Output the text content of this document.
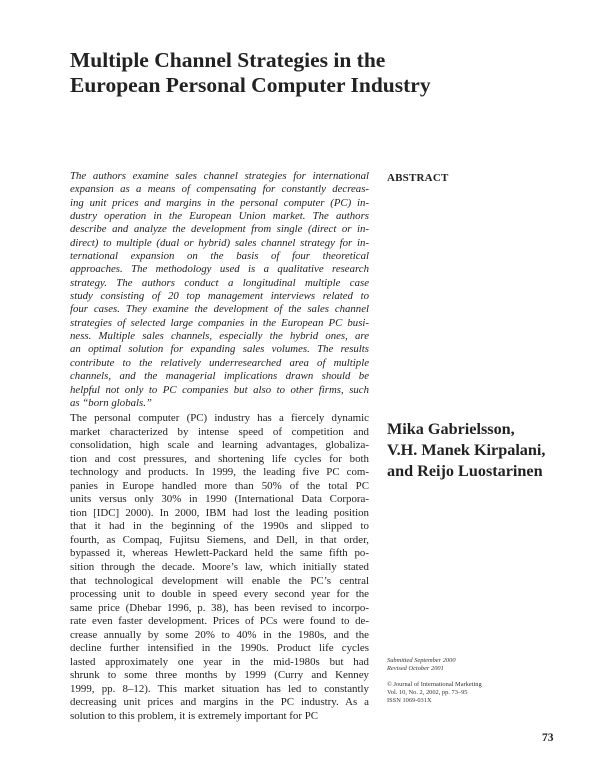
Multiple Channel Strategies in the
European Personal Computer Industry
The authors examine sales channel strategies for international
expansion as a means of compensating for constantly decreas-
ing unit prices and margins in the personal computer (PC) in-
dustry operation in the European Union market. The authors
describe and analyze the development from single (direct or in-
direct) to multiple (dual or hybrid) sales channel strategy for in-
ternational expansion on the basis of four theoretical
approaches. The methodology used is a qualitative research
strategy. The authors conduct a longitudinal multiple case
study consisting of 20 top management interviews related to
four cases. They examine the development of the sales channel
strategies of selected large companies in the European PC busi-
ness. Multiple sales channels, especially the hybrid ones, are
an optimal solution for expanding sales volumes. The results
contribute to the relatively underresearched area of multiple
channels, and the managerial implications drawn should be
helpful not only to PC companies but also to other firms, such
as “born globals.”
ABSTRACT
The personal computer (PC) industry has a fiercely dynamic
market characterized by intense speed of competition and
consolidation, high scale and learning advantages, globaliza-
tion and cost pressures, and shortening life cycles for both
technology and products. In 1999, the leading five PC com-
panies in Europe handled more than 50% of the total PC
units versus only 30% in 1990 (International Data Corpora-
tion [IDC] 2000). In 2000, IBM had lost the leading position
that it had in the beginning of the 1990s and slipped to
fourth, as Compaq, Fujitsu Siemens, and Dell, in that order,
bypassed it, whereas Hewlett-Packard held the same fifth po-
sition through the decade. Moore’s law, which initially stated
that technological development will enable the PC’s central
processing unit to double in speed every second year for the
same price (Dhebar 1996, p. 38), has been revised to incorpo-
rate even faster development. Prices of PCs were found to de-
crease annually by some 20% to 40% in the 1980s, and the
decline further intensified in the 1990s. Product life cycles
lasted approximately one year in the mid-1980s but had
shrunk to some three months by 1999 (Curry and Kenney
1999, pp. 8–12). This market situation has led to constantly
decreasing unit prices and margins in the PC industry. As a
solution to this problem, it is extremely important for PC
Mika Gabrielsson,
V.H. Manek Kirpalani,
and Reijo Luostarinen
Submitted September 2000
Revised October 2001
© Journal of International Marketing
Vol. 10, No. 2, 2002, pp. 73–95
ISSN 1069-031X
73
